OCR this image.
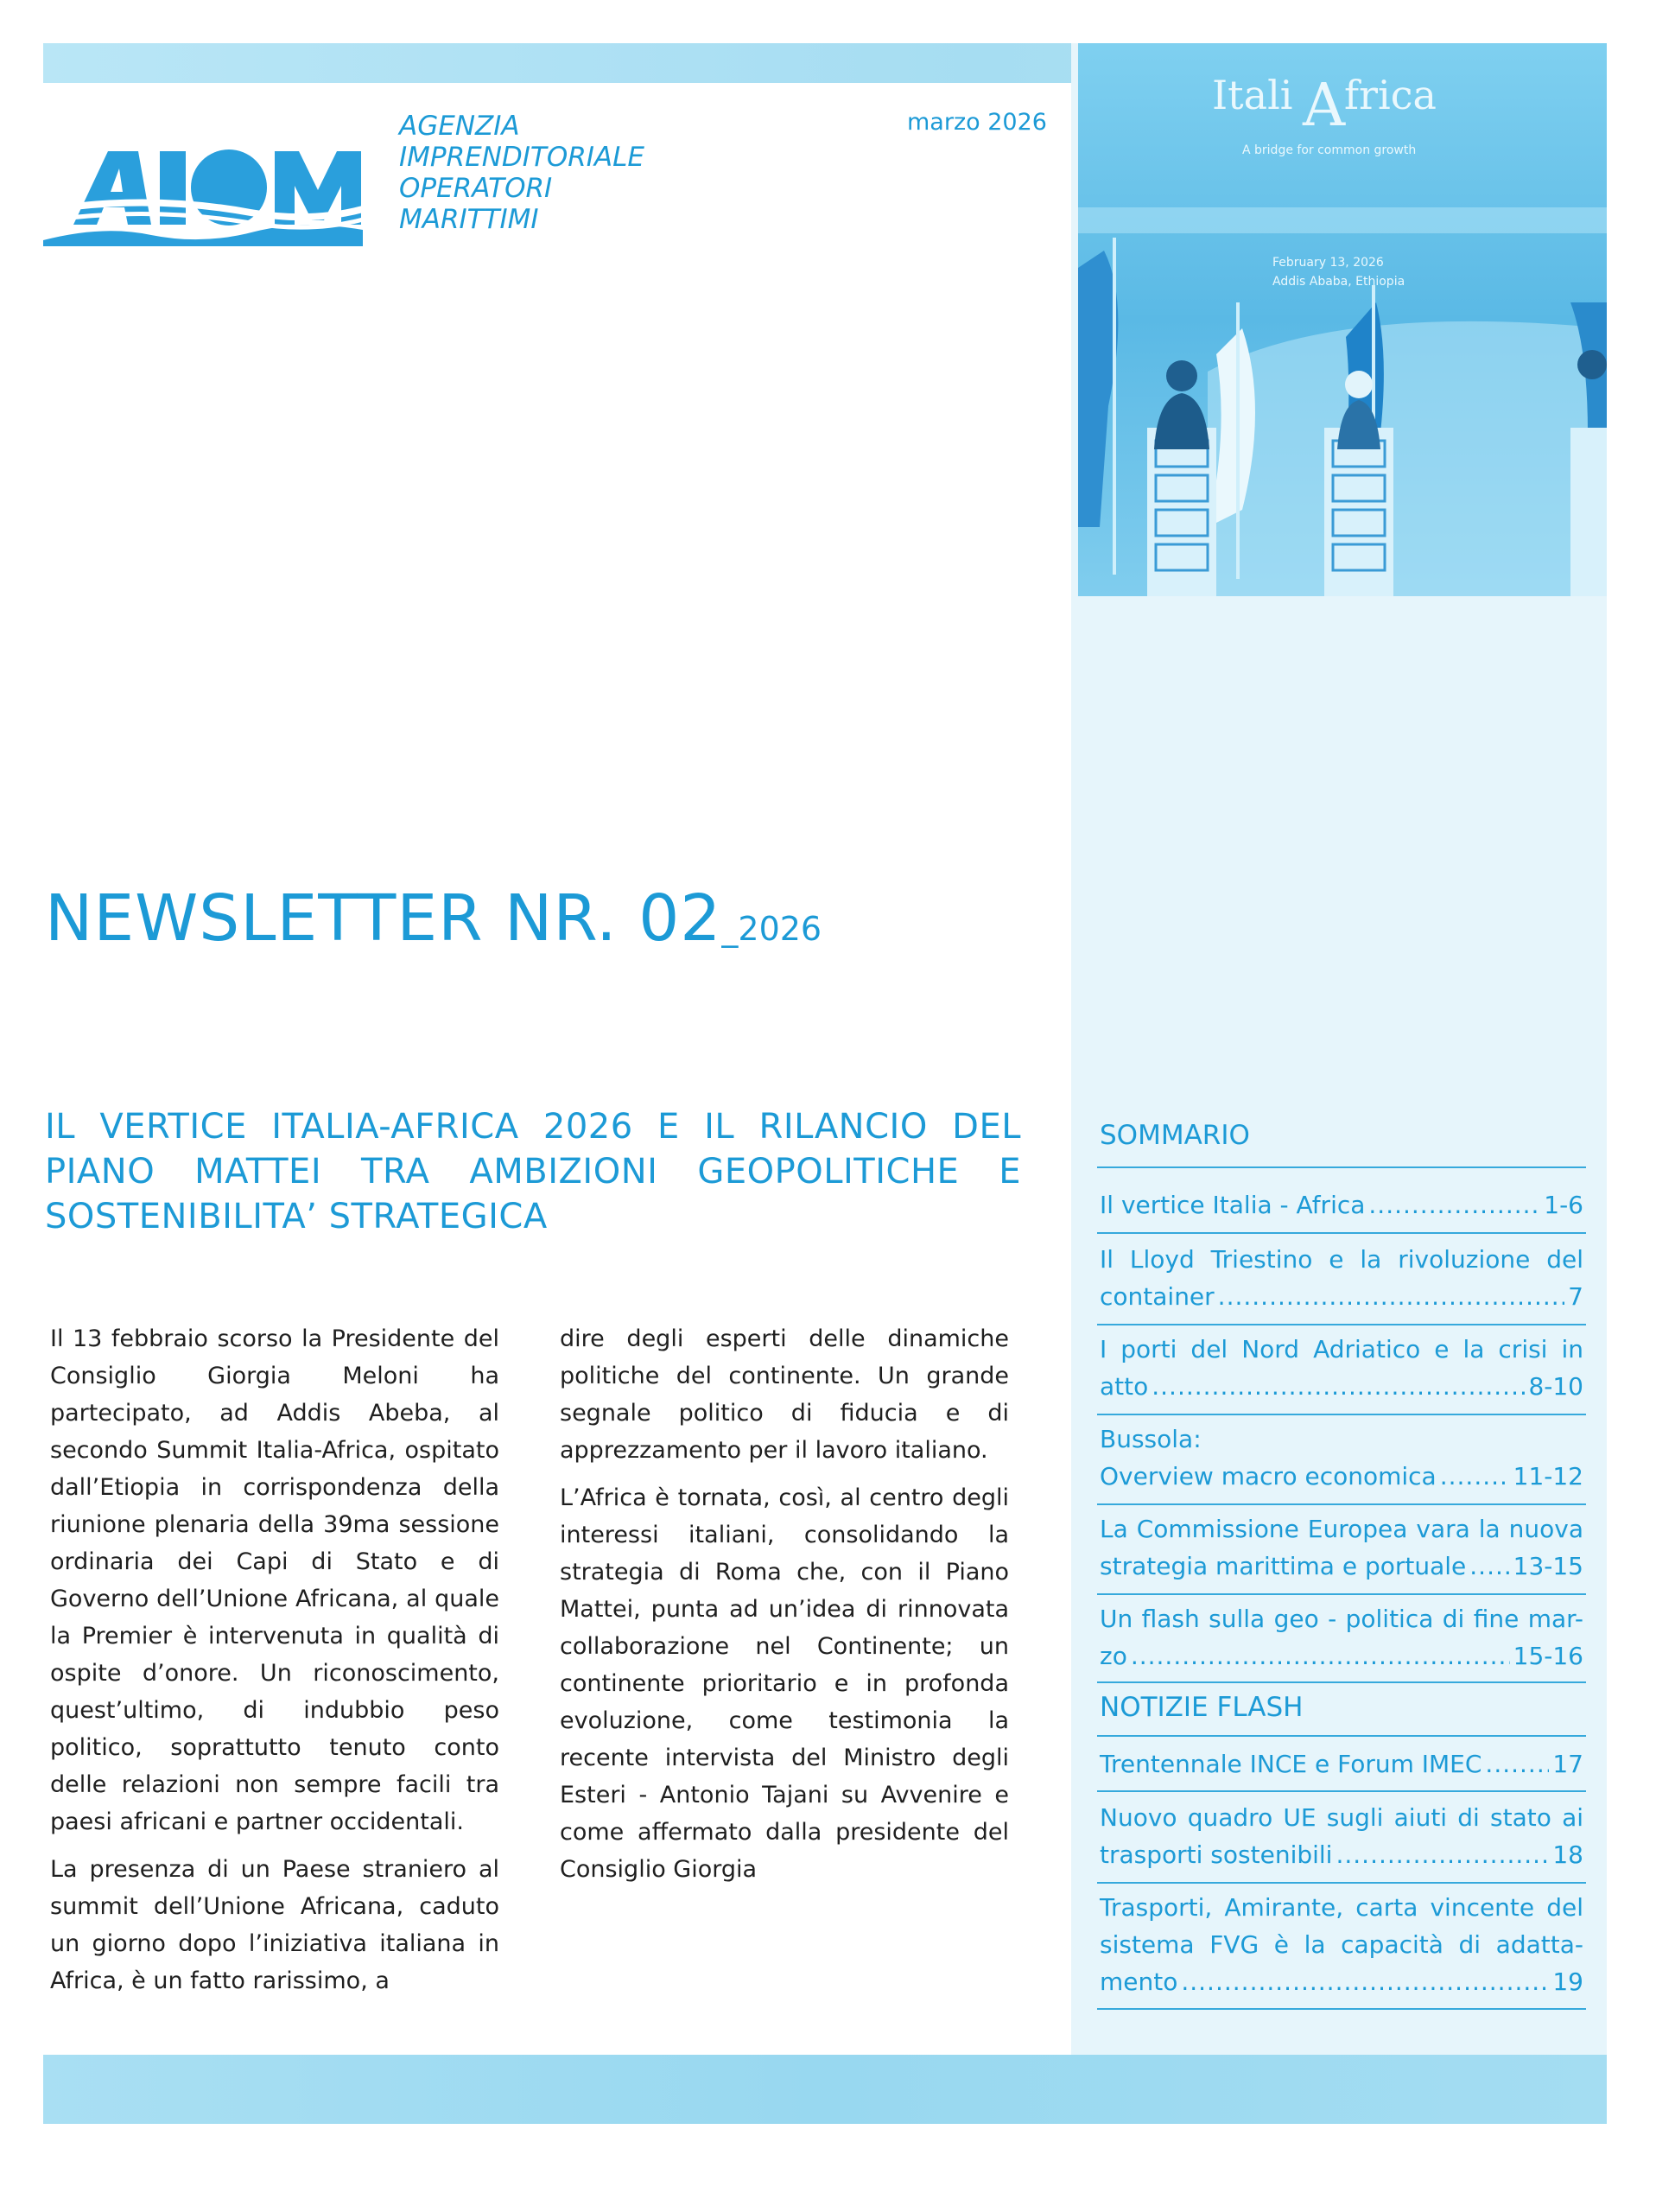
Itali A
frica
A bridge for common growth
February 13, 2026
Addis Ababa, Ethiopia
AGENZIA
IMPRENDITORIALE
OPERATORI
MARITTIMI
marzo 2026
NEWSLETTER NR. 02_2026
IL VERTICE ITALIA-AFRICA 2026 E IL RILANCIO DEL PIANO MATTEI TRA AMBIZIONI GEOPOLITICHE E SOSTENIBILITA’ STRATEGICA

Il 13 febbraio scorso la Presidente del Consiglio Giorgia Meloni ha partecipato, ad Addis Abeba, al secondo Summit Italia-Africa, ospitato dall’Etiopia in corrispondenza della riunione plenaria della 39ma sessione ordinaria dei Capi di Stato e di Governo dell’Unione Africana, al quale la Premier è intervenuta in qualità di ospite d’onore. Un riconoscimento, quest’ultimo, di indubbio peso politico, soprattutto tenuto conto delle relazioni non sempre facili tra paesi africani e partner occidentali.

La presenza di un Paese straniero al summit dell’Unione Africana, caduto un giorno dopo l’iniziativa italiana in Africa, è un fatto rarissimo, a

dire degli esperti delle dinamiche politiche del continente. Un grande segnale politico di fiducia e di apprezzamento per il lavoro italiano.

L’Africa è tornata, così, al centro degli interessi italiani, consolidando la strategia di Roma che, con il Piano Mattei, punta ad un’idea di rinnovata collaborazione nel Continente; un continente prioritario e in profonda evoluzione, come testimonia la recente intervista del Ministro degli Esteri - Antonio Tajani su Avvenire e come affermato dalla presidente del Consiglio Giorgia

SOMMARIO
Il vertice Italia - Africa .....	1-6
Il Lloyd Triestino e la rivoluzione del
container .....	7
I porti del Nord Adriatico e la crisi in
atto .....	8-10
Bussola:
Overview macro economica .....	11-12
La Commissione Europea vara la nuova
strategia marittima e portuale ..... 13-15
Un flash sulla geo - politica di fine mar-
zo .....	15-16
NOTIZIE FLASH
Trentennale INCE e Forum IMEC .....	17
Nuovo quadro UE sugli aiuti di stato ai
trasporti sostenibili .....	18
Trasporti, Amirante, carta vincente del
sistema FVG è la capacità di adatta-
mento .....	19
